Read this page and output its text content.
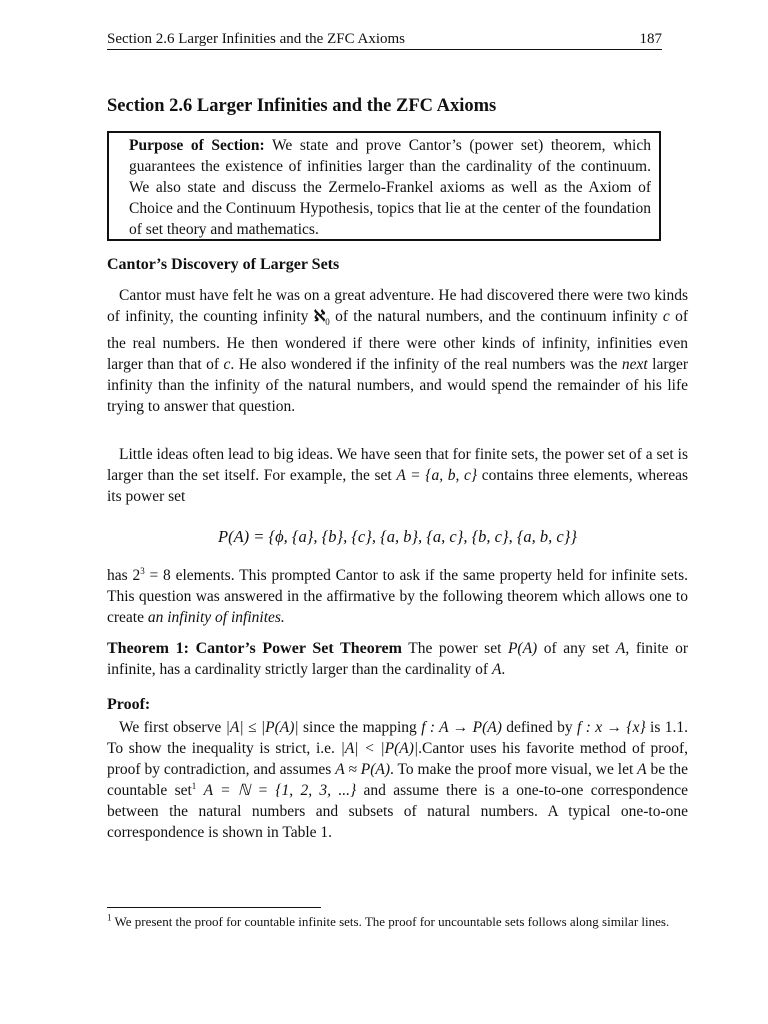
Section 2.6 Larger Infinities and the ZFC Axioms	187
Section 2.6 Larger Infinities and the ZFC Axioms
Purpose of Section: We state and prove Cantor’s (power set) theorem, which guarantees the existence of infinities larger than the cardinality of the continuum. We also state and discuss the Zermelo-Frankel axioms as well as the Axiom of Choice and the Continuum Hypothesis, topics that lie at the center of the foundation of set theory and mathematics.
Cantor’s Discovery of Larger Sets

Cantor must have felt he was on a great adventure. He had discovered there were two kinds of infinity, the counting infinity ℵ$_0$ of the natural numbers, and the continuum infinity c of the real numbers. He then wondered if there were other kinds of infinity, infinities even larger than that of c. He also wondered if the infinity of the real numbers was the next larger infinity than the infinity of the natural numbers, and would spend the remainder of his life trying to answer that question.

Little ideas often lead to big ideas. We have seen that for finite sets, the power set of a set is larger than the set itself. For example, the set A = {a, b, c} contains three elements, whereas its power set

P(A) = {ϕ, {a}, {b}, {c}, {a, b}, {a, c}, {b, c}, {a, b, c}}

has $2^3 = 8$ elements. This prompted Cantor to ask if the same property held for infinite sets. This question was answered in the affirmative by the following theorem which allows one to create an infinity of infinites.

Theorem 1: Cantor’s Power Set Theorem The power set P(A) of any set A, finite or infinite, has a cardinality strictly larger than the cardinality of A.

Proof:

We first observe |A| ≤ |P(A)| since the mapping f : A → P(A) defined by f : x → {x} is 1.1. To show the inequality is strict, i.e. |A| < |P(A)|.Cantor uses his favorite method of proof, proof by contradiction, and assumes A ≈ P(A). To make the proof more visual, we let A be the countable set$^1$ A = ℕ = {1, 2, 3, ...} and assume there is a one-to-one correspondence between the natural numbers and subsets of natural numbers. A typical one-to-one correspondence is shown in Table 1.

$^1$ We present the proof for countable infinite sets. The proof for uncountable sets follows along similar lines.
